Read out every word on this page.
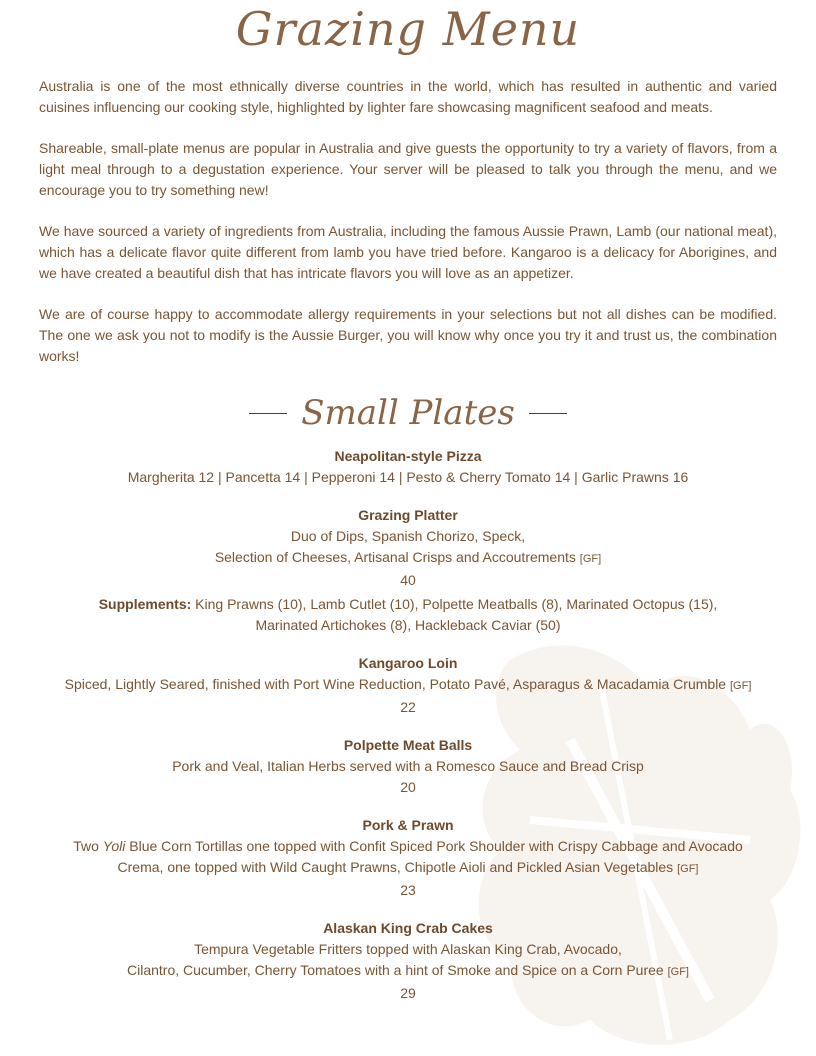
Grazing Menu

Australia is one of the most ethnically diverse countries in the world, which has resulted in authentic and varied cuisines influencing our cooking style, highlighted by lighter fare showcasing magnificent seafood and meats.

Shareable, small-plate menus are popular in Australia and give guests the opportunity to try a variety of flavors, from a light meal through to a degustation experience. Your server will be pleased to talk you through the menu, and we encourage you to try something new!

We have sourced a variety of ingredients from Australia, including the famous Aussie Prawn, Lamb (our national meat), which has a delicate flavor quite different from lamb you have tried before. Kangaroo is a delicacy for Aborigines, and we have created a beautiful dish that has intricate flavors you will love as an appetizer.

We are of course happy to accommodate allergy requirements in your selections but not all dishes can be modified. The one we ask you not to modify is the Aussie Burger, you will know why once you try it and trust us, the combination works!

Small Plates
Neapolitan-style Pizza
Margherita 12 | Pancetta 14 | Pepperoni 14 | Pesto & Cherry Tomato 14 | Garlic Prawns 16
Grazing Platter
Duo of Dips, Spanish Chorizo, Speck,
Selection of Cheeses, Artisanal Crisps and Accoutrements [GF]
40
Supplements: King Prawns (10), Lamb Cutlet (10), Polpette Meatballs (8), Marinated Octopus (15),
Marinated Artichokes (8), Hackleback Caviar (50)
Kangaroo Loin
Spiced, Lightly Seared, finished with Port Wine Reduction, Potato Pavé, Asparagus & Macadamia Crumble [GF]
22
Polpette Meat Balls
Pork and Veal, Italian Herbs served with a Romesco Sauce and Bread Crisp
20
Pork & Prawn
Two Yoli Blue Corn Tortillas one topped with Confit Spiced Pork Shoulder with Crispy Cabbage and Avocado
Crema, one topped with Wild Caught Prawns, Chipotle Aioli and Pickled Asian Vegetables [GF]
23
Alaskan King Crab Cakes
Tempura Vegetable Fritters topped with Alaskan King Crab, Avocado,
Cilantro, Cucumber, Cherry Tomatoes with a hint of Smoke and Spice on a Corn Puree [GF]
29
